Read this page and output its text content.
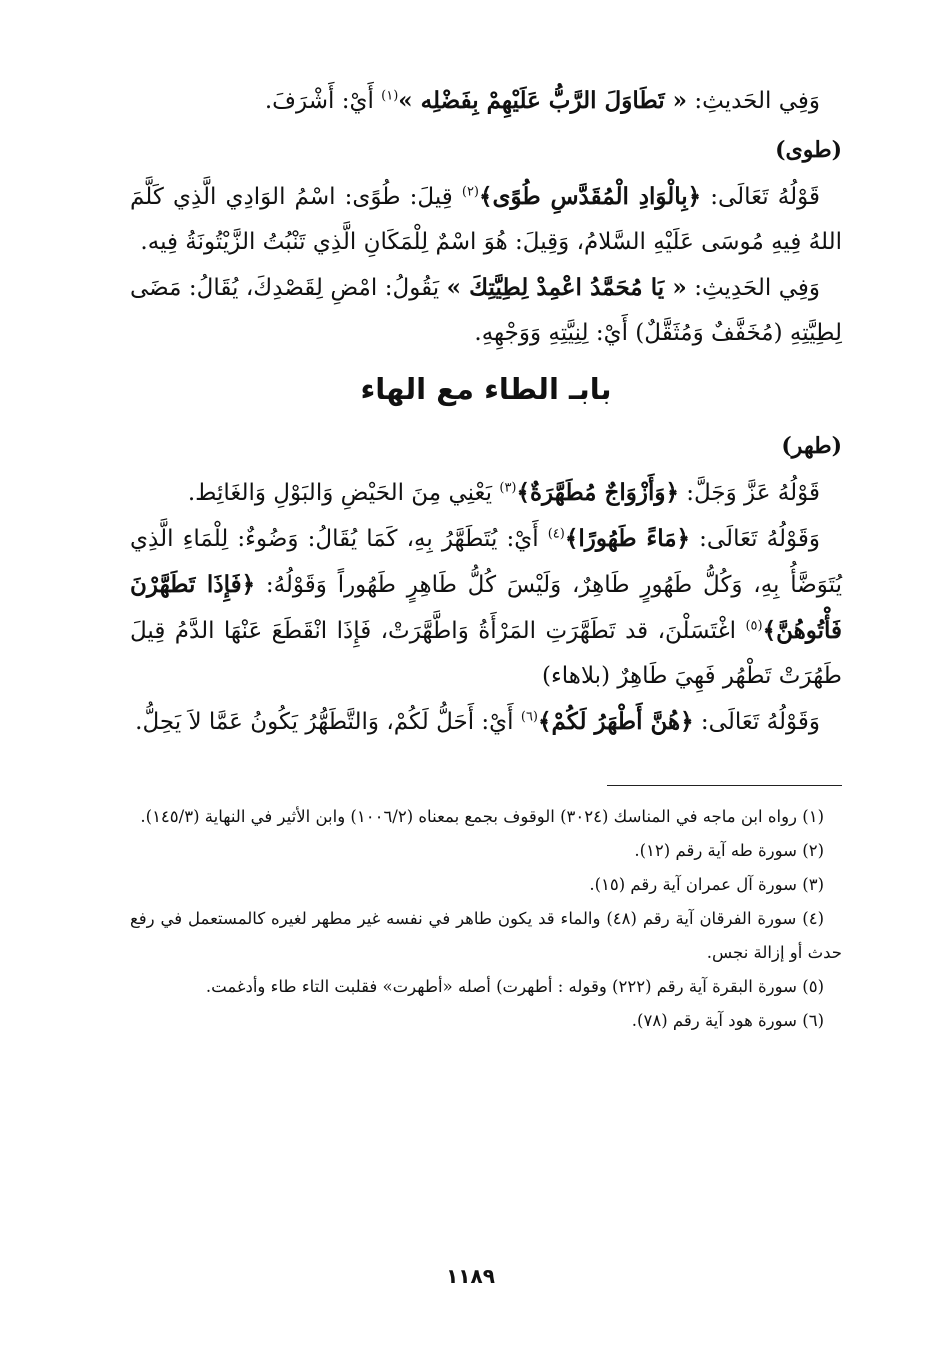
وَفِي الحَديثِ: « تَطَاوَلَ الرَّبُّ عَلَيْهِمْ بِفَضْلِه »$^{(١)}$ أَيْ: أَشْرَفَ.

(طوى)

قَوْلُهُ تَعَالَى: ﴿بِالْوَادِ الْمُقَدَّسِ طُوًى﴾$^{(٢)}$ قِيلَ: طُوًى: اسْمُ الوَادِي الَّذِي كَلَّمَ اللهُ فِيهِ مُوسَى عَلَيْهِ السَّلامُ، وَقِيلَ: هُوَ اسْمٌ لِلْمَكَانِ الَّذِي تَنْبُتُ الزَّيْتُونَةُ فِيه.

وَفِي الحَدِيثِ: « يَا مُحَمَّدُ اعْمِدْ لِطِيَّتِكَ » يَقُولُ: امْضِ لِقَصْدِكَ، يُقَالُ: مَضَى لِطِيَّتِهِ (مُخَفَّفٌ وَمُثَقَّلٌ) أَيْ: لِنِيَّتِهِ وَوَجْهِهِ.

بابـ الطاء مع الهاء

(طهر)

قَوْلُهُ عَزَّ وَجَلَّ: ﴿وَأَزْوَاجٌ مُطَهَّرَةٌ﴾$^{(٣)}$ يَعْنِي مِنَ الحَيْضِ وَالبَوْلِ وَالغَائِط.

وَقَوْلُهُ تَعَالَى: ﴿مَاءً طَهُورًا﴾$^{(٤)}$ أَيْ: يُتَطَهَّرُ بِهِ، كَمَا يُقَالُ: وَضُوءٌ: لِلْمَاءِ الَّذِي يُتَوَضَّأُ بِهِ، وَكُلُّ طَهُورٍ طَاهِرٌ، وَلَيْسَ كُلُّ طَاهِرٍ طَهُوراً وَقَوْلُهُ: ﴿فَإِذَا تَطَهَّرْنَ فَأْتُوهُنَّ﴾$^{(٥)}$ اغْتَسَلْنَ، قد تَطَهَّرَتِ المَرْأَةُ وَاطَّهَّرَتْ، فَإِذَا انْقَطَعَ عَنْهَا الدَّمُ قِيلَ طَهُرَتْ تَطْهُر فَهِيَ طَاهِرٌ (بلاهاء)

وَقَوْلُهُ تَعَالَى: ﴿هُنَّ أَطْهَرُ لَكُمْ﴾$^{(٦)}$ أَيْ: أَحَلُّ لَكُمْ، وَالتَّطَهُّرُ يَكُونُ عَمَّا لاَ يَحِلُّ.

(١) رواه ابن ماجه في المناسك (٣٠٢٤) الوقوف بجمع بمعناه (١٠٠٦/٢) وابن الأثير في النهاية (١٤٥/٣).

(٢) سورة طه آية رقم (١٢).

(٣) سورة آل عمران آية رقم (١٥).

(٤) سورة الفرقان آية رقم (٤٨) والماء قد يكون طاهر في نفسه غير مطهر لغيره كالمستعمل في رفع حدث أو إزالة نجس.

(٥) سورة البقرة آية رقم (٢٢٢) وقوله : أطهرت) أصله «أطهرت» فقلبت التاء طاء وأدغمت.

(٦) سورة هود آية رقم (٧٨).

١١٨٩
